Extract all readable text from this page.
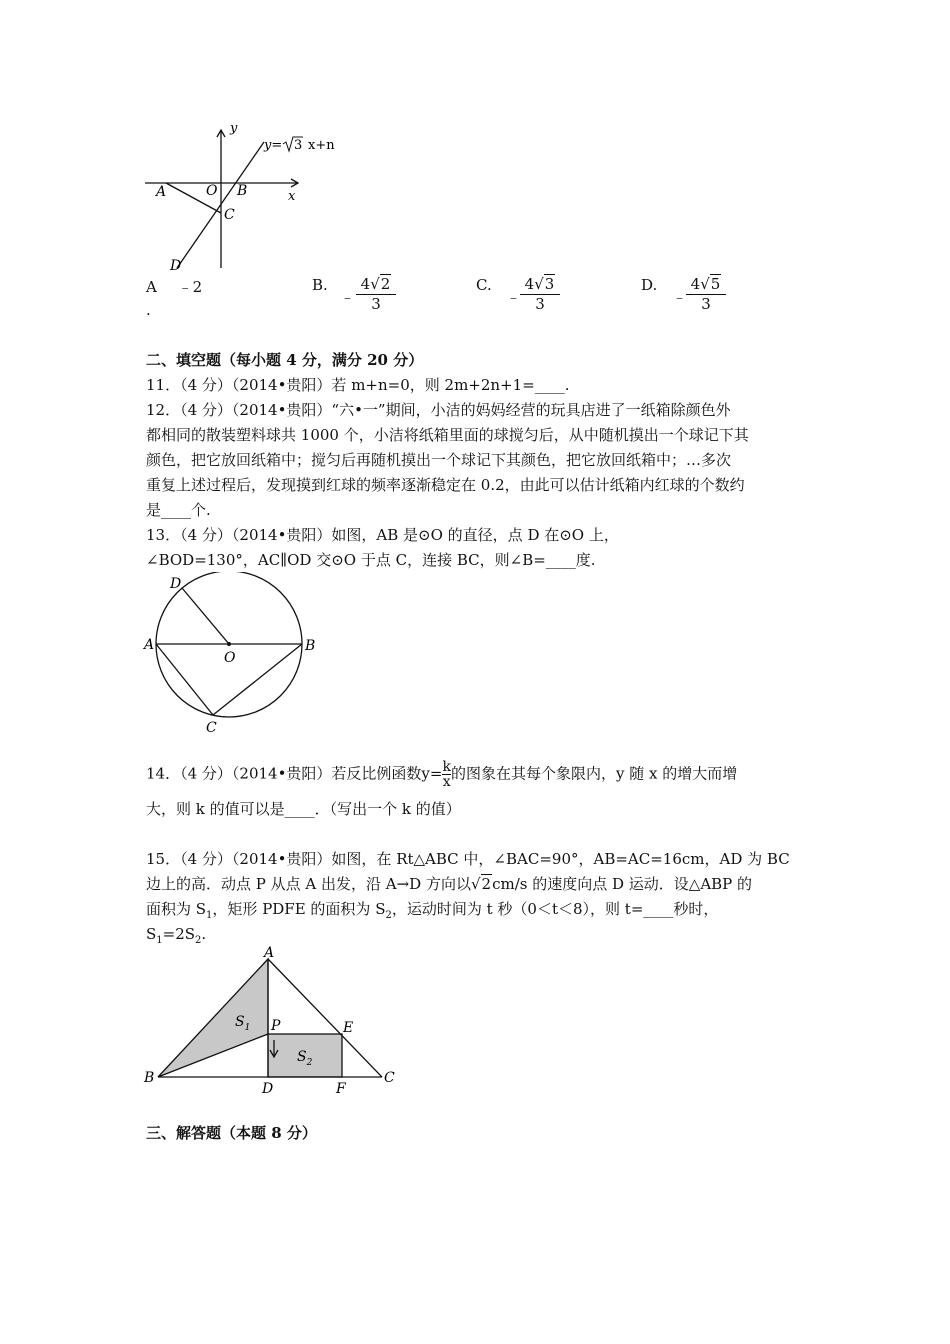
y
x
O
A	B
C
D
y= 3 x+n
A ﹣2
.
B.
﹣ $\frac{4√2}{3}$	C.
﹣
$\frac{4√3}{3}$	D.
﹣
$\frac{4√5}{3}$
二、填空题（每小题 4 分，满分 20 分）
11．（4 分）（2014•贵阳）若 m+n=0，则 2m+2n+1=____.
12．（4 分）（2014•贵阳）“六•一”期间，小洁的妈妈经营的玩具店进了一纸箱除颜色外
都相同的散装塑料球共 1000 个，小洁将纸箱里面的球搅匀后，从中随机摸出一个球记下其
颜色，把它放回纸箱中；搅匀后再随机摸出一个球记下其颜色，把它放回纸箱中；…多次
重复上述过程后，发现摸到红球的频率逐渐稳定在 0.2，由此可以估计纸箱内红球的个数约
是____个.
13．（4 分）（2014•贵阳）如图，AB 是⊙O 的直径，点 D 在⊙O 上，
∠BOD=130°，AC∥OD 交⊙O 于点 C，连接 BC，则∠B=____度.
D
A
O
B
C
14．（4 分）（2014•贵阳）若反比例函数$y= \frac{k}{x}$ 的图象在其每个象限内，y 随 x 的增大而增
大，则 k 的值可以是____．（写出一个 k 的值）
15．（4 分）（2014•贵阳）如图，在 Rt△ABC 中，∠BAC=90°，AB=AC=16cm，AD 为 BC
边上的高．动点 P 从点 A 出发，沿 A→D 方向以√2cm/s 的速度向点 D 运动．设△ABP 的
面积为 $S_1$，矩形 PDFE 的面积为 $S_2$，运动时间为 t 秒（0＜t＜8），则 t=____秒时，
$S_1=2S_2$.
A
B	C
D	F
E
P
$S_1$
$S_2$
三、解答题（本题 8 分）
